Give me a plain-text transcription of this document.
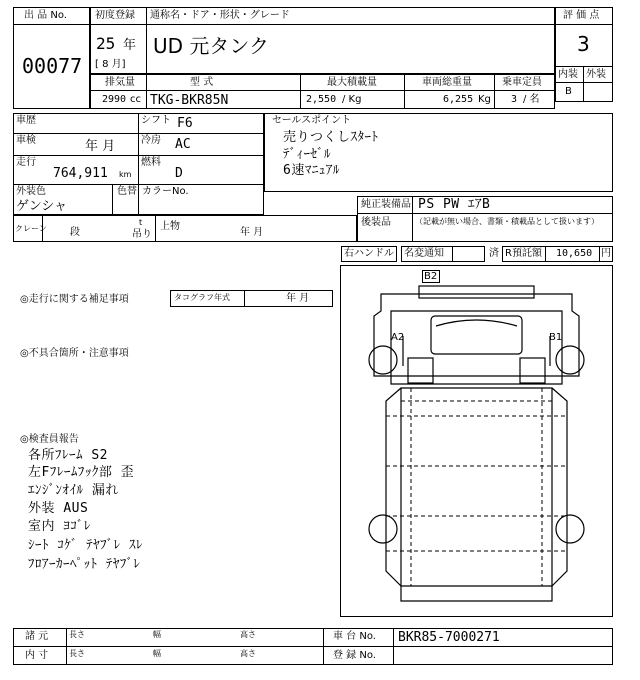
出 品 No.
00077
初度登録 通称名・ドア・形状・グレード
25 年
[ 8 月]
UD 元タンク
評 価 点
3
内装 外装
B
排気量	型 式	最大積載量	車両総重量	乗車定員
2990 cc TKG-BKR85N	2,550 / Kg	6,255 Kg 3 / 名
車歴	シフト F6
車検	年 月	冷房 AC
走行
764,911 km
燃料
D
外装色
ゲンシャ
色替 カラーNo.
クレーン 段
t
吊り
上物
年 月
セールスポイント
売りつくしｽﾀｰﾄ
ﾃﾞｨｰｾﾞﾙ
6速ﾏﾆｭｱﾙ
純正装備品 PS PW ｴｱB
後装品	（記載が無い場合、書類・積載品として扱います）
右ハンドル 名変通知	済 R預託額 10,650 円
◎走行に関する補足事項	タコグラフ年式	年 月
◎不具合箇所・注意事項
◎検査員報告
各所ﾌﾚｰﾑ S2
左Fﾌﾚｰﾑﾌｯｸ部 歪
ｴﾝｼﾞﾝｵｲﾙ 漏れ
外装 AUS
室内 ﾖｺﾞﾚ
ｼｰﾄ ｺｹﾞ ﾃﾔﾌﾞﾚ ｽﾚ
ﾌﾛｱｰｶｰﾍﾟｯﾄ ﾃﾔﾌﾞﾚ
B2
A2	B1
諸 元
内 寸
長さ	幅	高さ
長さ	幅	高さ
車 台 No. BKR85-7000271
登 録 No.
